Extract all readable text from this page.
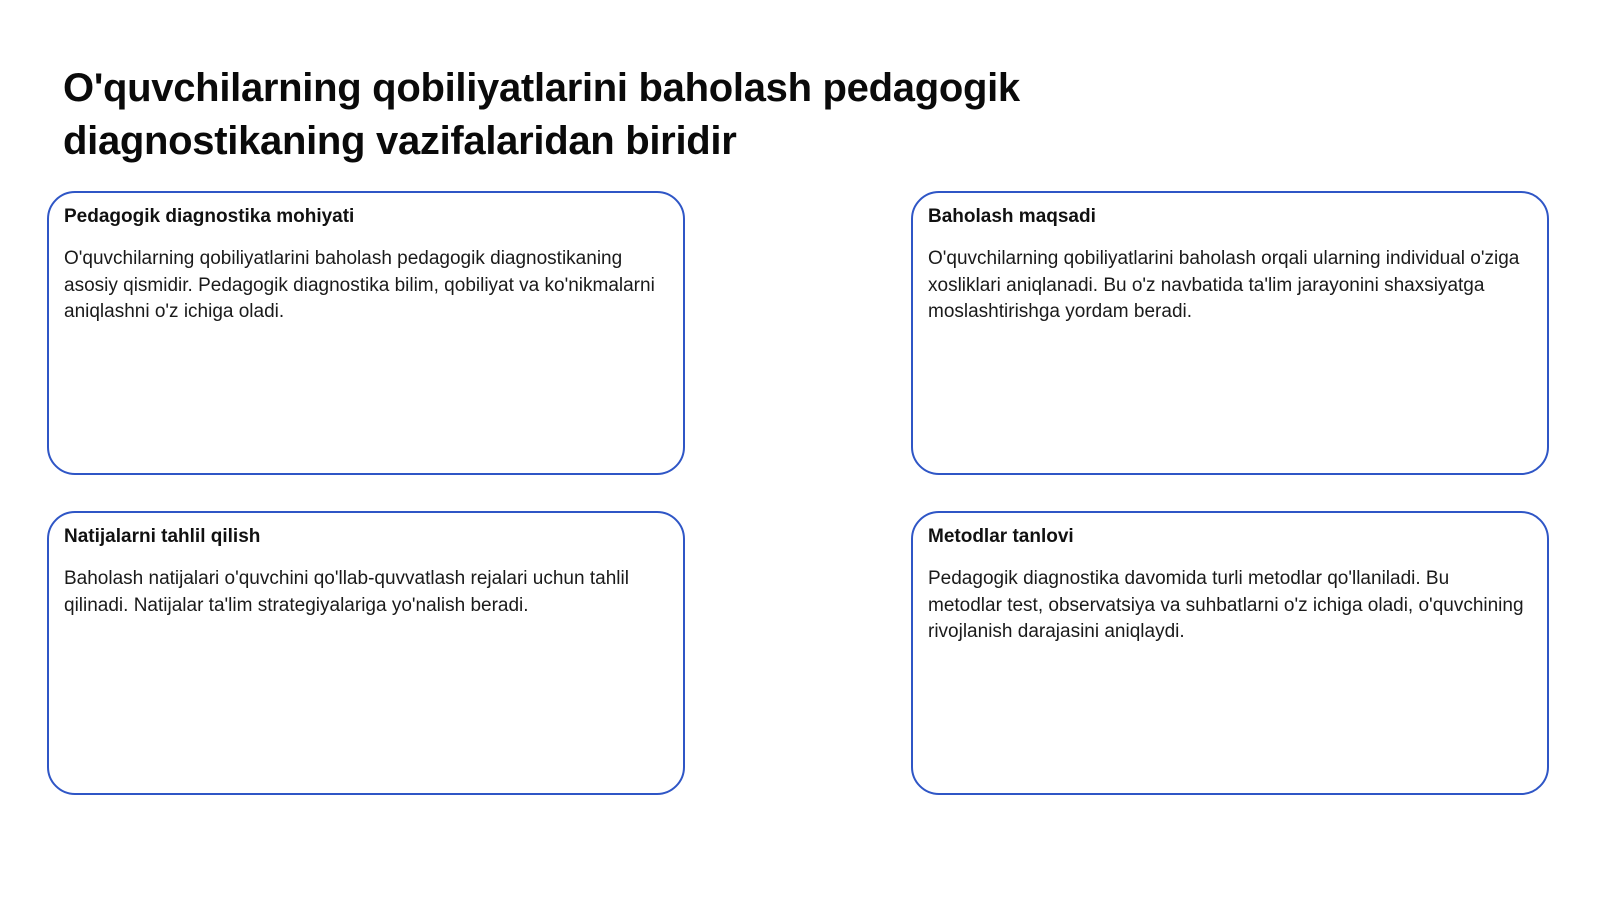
O'quvchilarning qobiliyatlarini baholash pedagogik diagnostikaning vazifalaridan biridir
Pedagogik diagnostika mohiyati

O'quvchilarning qobiliyatlarini baholash pedagogik diagnostikaning asosiy qismidir. Pedagogik diagnostika bilim, qobiliyat va ko'nikmalarni aniqlashni o'z ichiga oladi.

Baholash maqsadi

O'quvchilarning qobiliyatlarini baholash orqali ularning individual o'ziga xosliklari aniqlanadi. Bu o'z navbatida ta'lim jarayonini shaxsiyatga moslashtirishga yordam beradi.

Natijalarni tahlil qilish

Baholash natijalari o'quvchini qo'llab-quvvatlash rejalari uchun tahlil qilinadi. Natijalar ta'lim strategiyalariga yo'nalish beradi.

Metodlar tanlovi

Pedagogik diagnostika davomida turli metodlar qo'llaniladi. Bu metodlar test, observatsiya va suhbatlarni o'z ichiga oladi, o'quvchining rivojlanish darajasini aniqlaydi.
